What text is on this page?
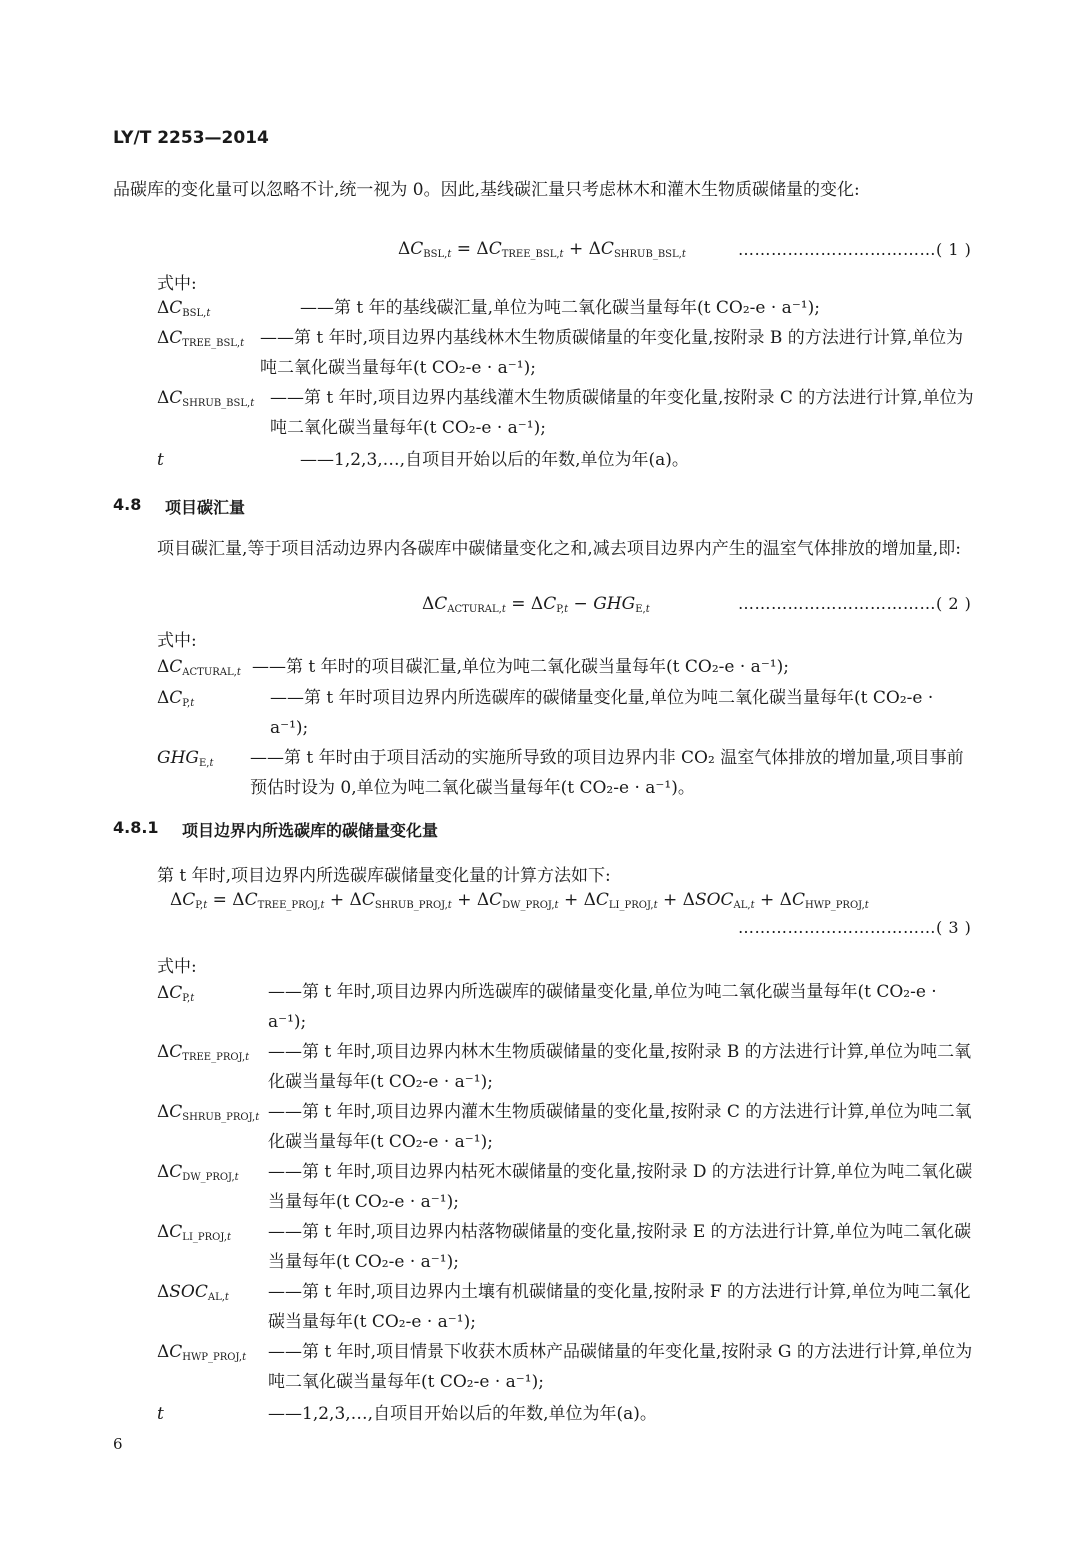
LY/T 2253—2014
品碳库的变化量可以忽略不计,统一视为 0。因此,基线碳汇量只考虑林木和灌木生物质碳储量的变化:
$\Delta C_{BSL,t} = \Delta C_{TREE\_BSL,t} + \Delta C_{SHRUB\_BSL,t}$	………………………………( 1 )
式中:
$\Delta C_{BSL,t}$	——第 t 年的基线碳汇量,单位为吨二氧化碳当量每年(t CO₂-e · a⁻¹);
$\Delta C_{TREE\_BSL,t}$ ——第 t 年时,项目边界内基线林木生物质碳储量的年变化量,按附录 B 的方法进行计算,单位为吨二氧化碳当量每年(t CO₂-e · a⁻¹);
$\Delta C_{SHRUB\_BSL,t}$ ——第 t 年时,项目边界内基线灌木生物质碳储量的年变化量,按附录 C 的方法进行计算,单位为吨二氧化碳当量每年(t CO₂-e · a⁻¹);
t	——1,2,3,…,自项目开始以后的年数,单位为年(a)。
4.8 项目碳汇量
项目碳汇量,等于项目活动边界内各碳库中碳储量变化之和,减去项目边界内产生的温室气体排放的增加量,即:
$\Delta C_{ACTURAL,t} = \Delta C_{P,t} - GHG_{E,t}$	………………………………( 2 )
式中:
$\Delta C_{ACTURAL,t}$ ——第 t 年时的项目碳汇量,单位为吨二氧化碳当量每年(t CO₂-e · a⁻¹);
$\Delta C_{P,t}$	——第 t 年时项目边界内所选碳库的碳储量变化量,单位为吨二氧化碳当量每年(t CO₂-e · a⁻¹);
$GHG_{E,t}$ ——第 t 年时由于项目活动的实施所导致的项目边界内非 CO₂ 温室气体排放的增加量,项目事前预估时设为 0,单位为吨二氧化碳当量每年(t CO₂-e · a⁻¹)。
4.8.1 项目边界内所选碳库的碳储量变化量
第 t 年时,项目边界内所选碳库碳储量变化量的计算方法如下:
$\Delta C_{P,t} = \Delta C_{TREE\_PROJ,t} + \Delta C_{SHRUB\_PROJ,t} + \Delta C_{DW\_PROJ,t} + \Delta C_{LI\_PROJ,t} + \Delta SOC_{AL,t} + \Delta C_{HWP\_PROJ,t}$
………………………………( 3 )
式中:
$\Delta C_{P,t}$	——第 t 年时,项目边界内所选碳库的碳储量变化量,单位为吨二氧化碳当量每年(t CO₂-e · a⁻¹);
$\Delta C_{TREE\_PROJ,t}$ ——第 t 年时,项目边界内林木生物质碳储量的变化量,按附录 B 的方法进行计算,单位为吨二氧化碳当量每年(t CO₂-e · a⁻¹);
$\Delta C_{SHRUB\_PROJ,t}$ ——第 t 年时,项目边界内灌木生物质碳储量的变化量,按附录 C 的方法进行计算,单位为吨二氧化碳当量每年(t CO₂-e · a⁻¹);
$\Delta C_{DW\_PROJ,t}$ ——第 t 年时,项目边界内枯死木碳储量的变化量,按附录 D 的方法进行计算,单位为吨二氧化碳当量每年(t CO₂-e · a⁻¹);
$\Delta C_{LI\_PROJ,t}$ ——第 t 年时,项目边界内枯落物碳储量的变化量,按附录 E 的方法进行计算,单位为吨二氧化碳当量每年(t CO₂-e · a⁻¹);
$\Delta SOC_{AL,t}$ ——第 t 年时,项目边界内土壤有机碳储量的变化量,按附录 F 的方法进行计算,单位为吨二氧化碳当量每年(t CO₂-e · a⁻¹);
$\Delta C_{HWP\_PROJ,t}$ ——第 t 年时,项目情景下收获木质林产品碳储量的年变化量,按附录 G 的方法进行计算,单位为吨二氧化碳当量每年(t CO₂-e · a⁻¹);
t	——1,2,3,…,自项目开始以后的年数,单位为年(a)。
6
